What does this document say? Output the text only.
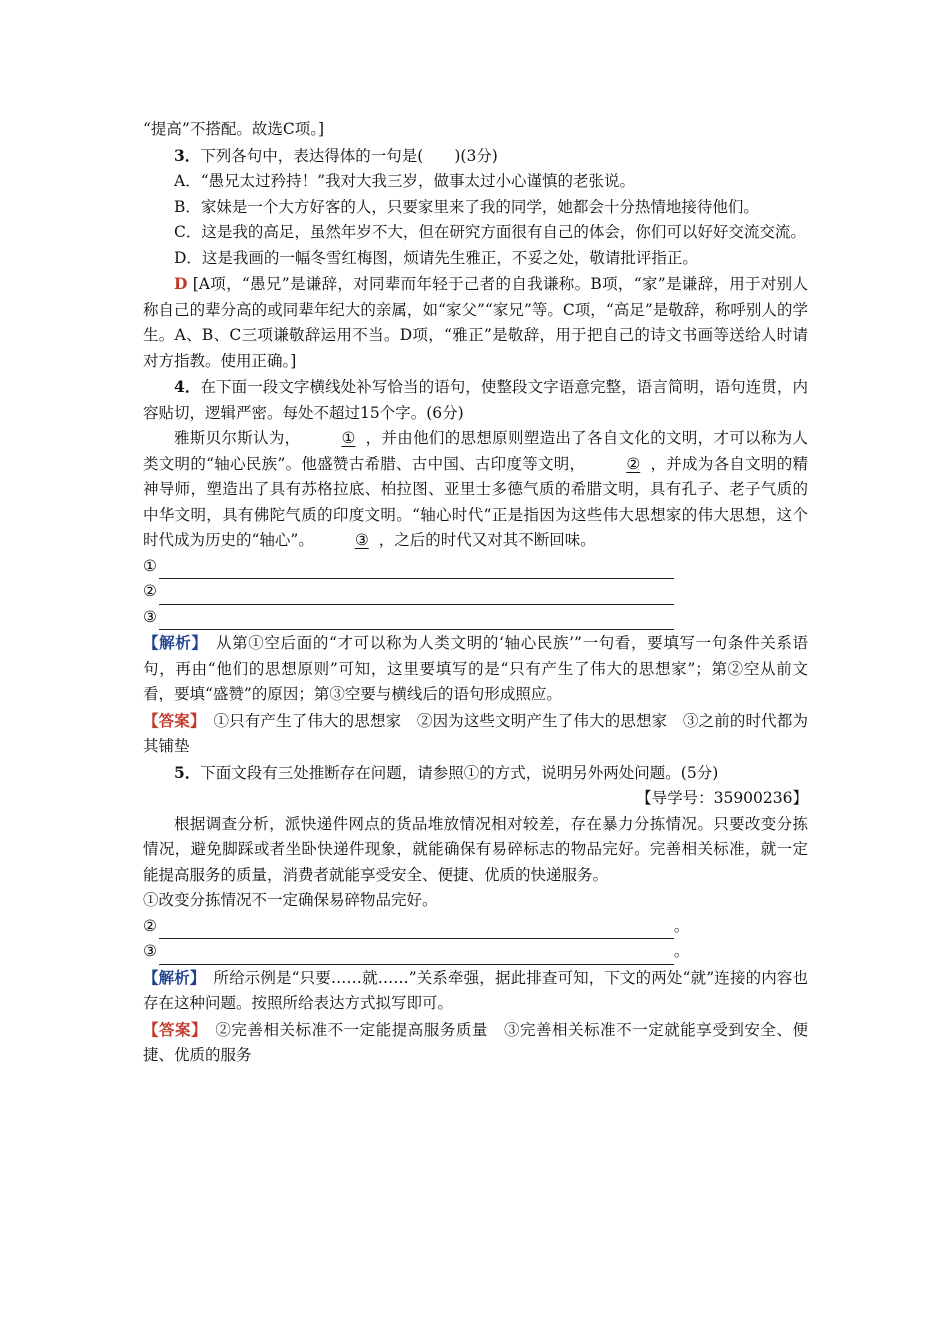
“提高”不搭配。故选C项。]

3．下列各句中，表达得体的一句是(　　)(3分)

A．“愚兄太过矜持！”我对大我三岁，做事太过小心谨慎的老张说。

B．家妹是一个大方好客的人，只要家里来了我的同学，她都会十分热情地接待他们。

C．这是我的高足，虽然年岁不大，但在研究方面很有自己的体会，你们可以好好交流交流。

D．这是我画的一幅冬雪红梅图，烦请先生雅正，不妥之处，敬请批评指正。

D [A项，“愚兄”是谦辞，对同辈而年轻于己者的自我谦称。B项，“家”是谦辞，用于对别人称自己的辈分高的或同辈年纪大的亲属，如“家父”“家兄”等。C项，“高足”是敬辞，称呼别人的学生。A、B、C三项谦敬辞运用不当。D项，“雅正”是敬辞，用于把自己的诗文书画等送给人时请对方指教。使用正确。]

4．在下面一段文字横线处补写恰当的语句，使整段文字语意完整，语言简明，语句连贯，内容贴切，逻辑严密。每处不超过15个字。(6分)

雅斯贝尔斯认为，	① ，并由他们的思想原则塑造出了各自文化的文明，才可以称为人类文明的“轴心民族”。他盛赞古希腊、古中国、古印度等文明，	② ，并成为各自文明的精神导师，塑造出了具有苏格拉底、柏拉图、亚里士多德气质的希腊文明，具有孔子、老子气质的中华文明，具有佛陀气质的印度文明。“轴心时代”正是指因为这些伟大思想家的伟大思想，这个时代成为历史的“轴心”。	③ ，之后的时代又对其不断回味。

①
②
③

【解析】　从第①空后面的“才可以称为人类文明的‘轴心民族’”一句看，要填写一句条件关系语句，再由“他们的思想原则”可知，这里要填写的是“只有产生了伟大的思想家”；第②空从前文看，要填“盛赞”的原因；第③空要与横线后的语句形成照应。

【答案】　①只有产生了伟大的思想家　②因为这些文明产生了伟大的思想家　③之前的时代都为其铺垫

5．下面文段有三处推断存在问题，请参照①的方式，说明另外两处问题。(5分)

【导学号：35900236】

根据调查分析，派快递件网点的货品堆放情况相对较差，存在暴力分拣情况。只要改变分拣情况，避免脚踩或者坐卧快递件现象，就能确保有易碎标志的物品完好。完善相关标准，就一定能提高服务的质量，消费者就能享受安全、便捷、优质的快递服务。

①改变分拣情况不一定确保易碎物品完好。

②	。
③	。

【解析】　所给示例是“只要……就……”关系牵强，据此排查可知，下文的两处“就”连接的内容也存在这种问题。按照所给表达方式拟写即可。

【答案】　②完善相关标准不一定能提高服务质量　③完善相关标准不一定就能享受到安全、便捷、优质的服务
